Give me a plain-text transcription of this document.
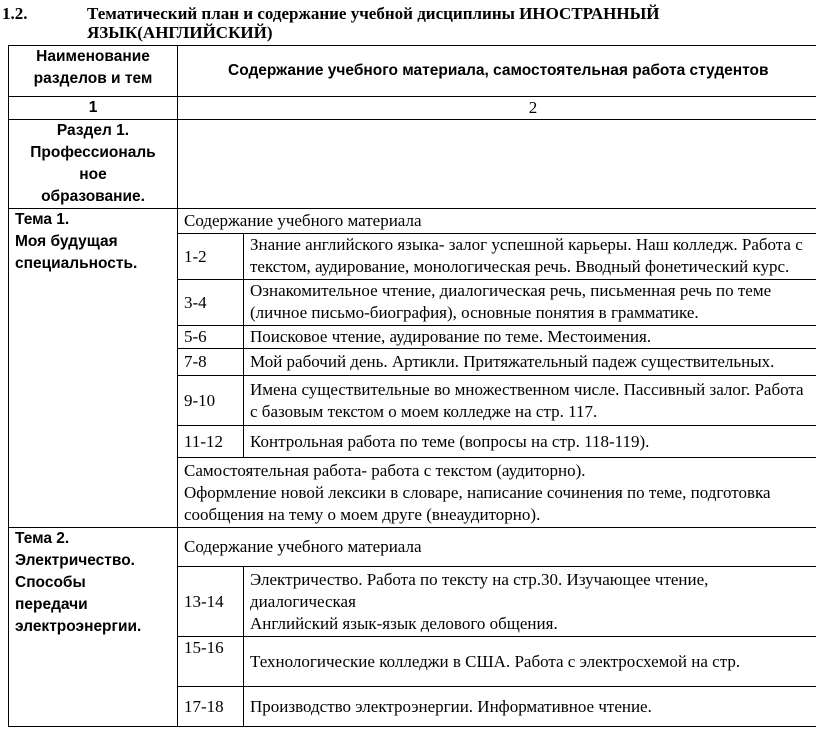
1.2.	Тематический план и содержание учебной дисциплины ИНОСТРАННЫЙ
ЯЗЫК(АНГЛИЙСКИЙ)
Наименование
разделов и тем	Содержание учебного материала, самостоятельная работа студентов	
1	2	

Раздел 1.
Профессиональ
ное
образование.		

Тема 1.
Моя будущая
специальность.	Содержание учебного материала	
	1-2	Знание английского языка- залог успешной карьеры. Наш колледж. Работа с
текстом, аудирование, монологическая речь. Вводный фонетический курс.

	3-4	Ознакомительное чтение, диалогическая речь, письменная речь по теме
(личное письмо-биография), основные понятия в грамматике.

	5-6	Поисковое чтение, аудирование по теме. Местоимения.
	7-8	Мой рабочий день. Артикли. Притяжательный падеж существительных.
	9-10	Имена существительные во множественном числе. Пассивный залог. Работа
с базовым текстом о моем колледже на стр. 117.

	11-12	Контрольная работа по теме (вопросы на стр. 118-119).

	Самостоятельная работа- работа с текстом (аудиторно).
Оформление новой лексики в словаре, написание сочинения по теме, подготовка
сообщения на тему о моем друге (внеаудиторно).	

Тема 2.
Электричество.
Способы
передачи
электроэнергии.	Содержание учебного материала	
	13-14	Электричество. Работа по тексту на стр.30. Изучающее чтение,
диалогическая
Английский язык-язык делового общения.

	15-16	Технологические колледжи в США. Работа с электросхемой на стр.
	17-18	Производство электроэнергии. Информативное чтение.
